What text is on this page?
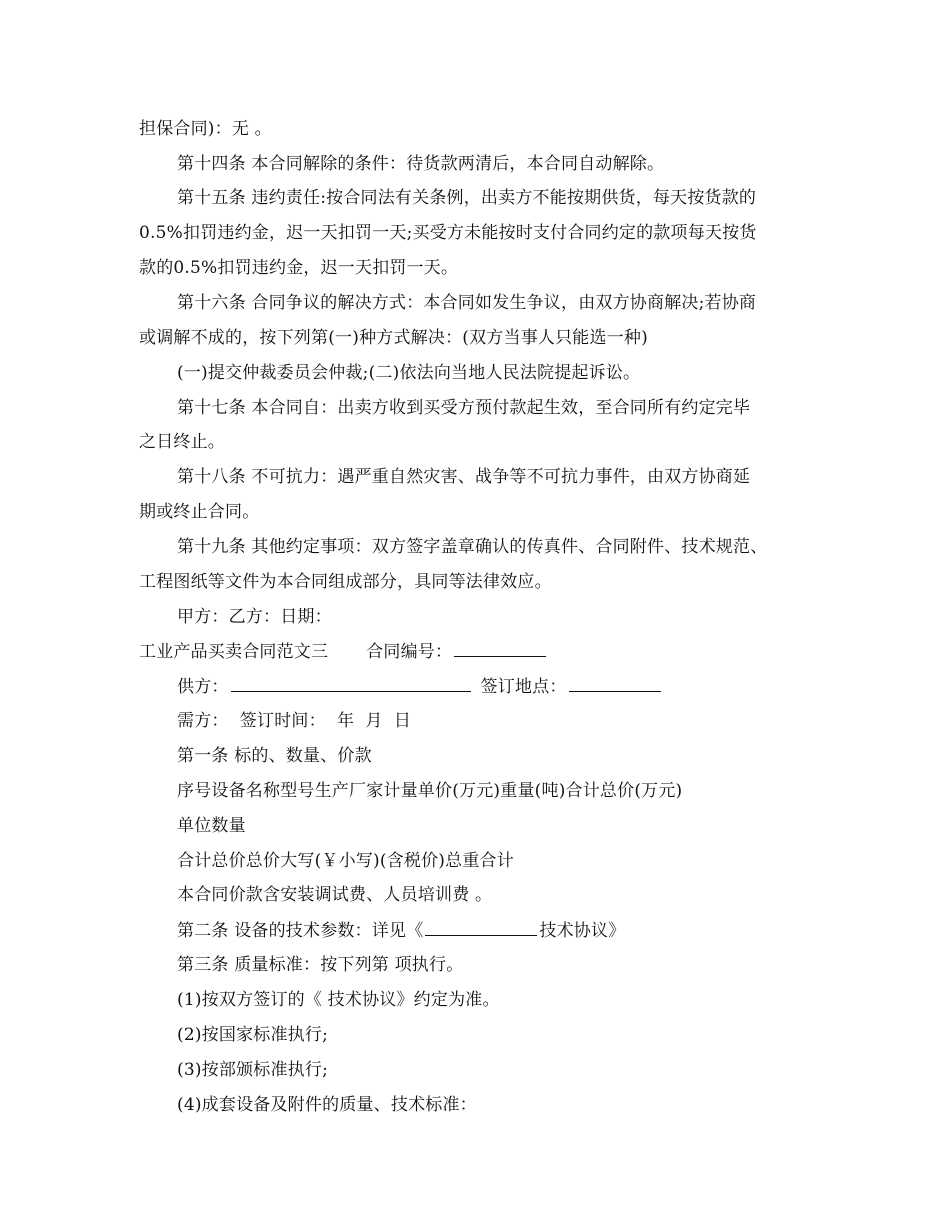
担保合同)：无 。
第十四条 本合同解除的条件：待货款两清后，本合同自动解除。
第十五条 违约责任:按合同法有关条例，出卖方不能按期供货，每天按货款的
0.5%扣罚违约金，迟一天扣罚一天;买受方未能按时支付合同约定的款项每天按货
款的0.5%扣罚违约金，迟一天扣罚一天。
第十六条 合同争议的解决方式：本合同如发生争议，由双方协商解决;若协商
或调解不成的，按下列第(一)种方式解决：(双方当事人只能选一种)
(一)提交仲裁委员会仲裁;(二)依法向当地人民法院提起诉讼。
第十七条 本合同自：出卖方收到买受方预付款起生效，至合同所有约定完毕
之日终止。
第十八条 不可抗力：遇严重自然灾害、战争等不可抗力事件，由双方协商延
期或终止合同。
第十九条 其他约定事项：双方签字盖章确认的传真件、合同附件、技术规范、
工程图纸等文件为本合同组成部分，具同等法律效应。
甲方：乙方：日期：
工业产品买卖合同范文三 合同编号：
供方：	签订地点：
需方：  签订时间：  年  月  日
第一条 标的、数量、价款
序号设备名称型号生产厂家计量单价(万元)重量(吨)合计总价(万元)
单位数量
合计总价总价大写(￥小写)(含税价)总重合计
本合同价款含安装调试费、人员培训费 。
第二条 设备的技术参数：详见《	技术协议》
第三条 质量标准：按下列第 项执行。
(1)按双方签订的《 技术协议》约定为准。
(2)按国家标准执行;
(3)按部颁标准执行;
(4)成套设备及附件的质量、技术标准：
